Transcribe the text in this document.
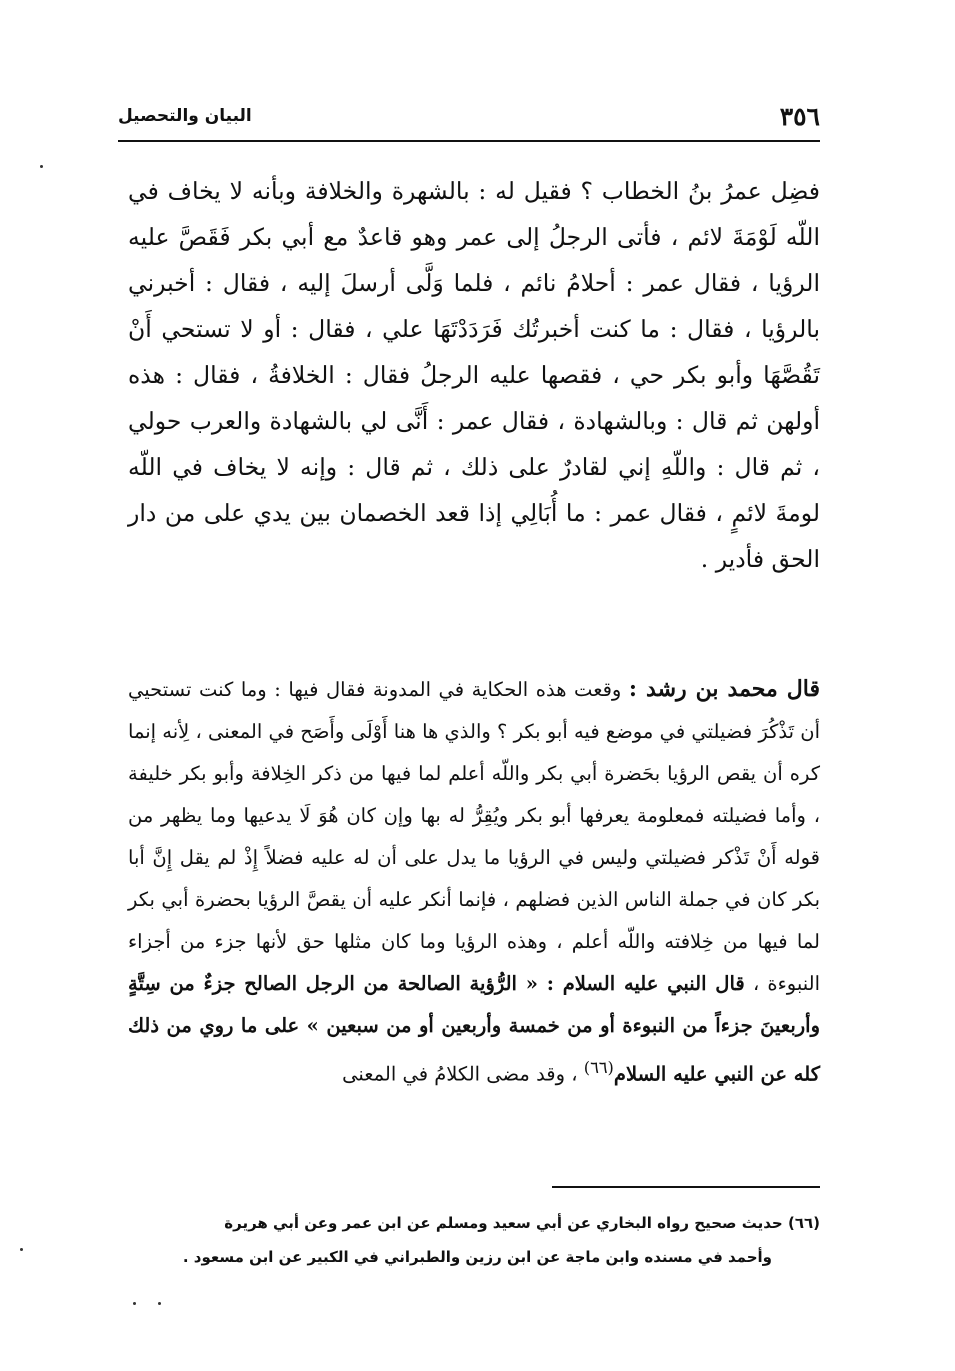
٣٥٦
البيان والتحصيل

فضِل عمرُ بنُ الخطاب ؟ فقيل له : بالشهرة والخلافة وبأنه لا يخاف في اللّه لَوْمَةَ لائم ، فأتى الرجلُ إلى عمر وهو قاعدٌ مع أبي بكر فَقَصَّ عليه الرؤيا ، فقال عمر : أحلامُ نائم ، فلما وَلَّى أرسلَ إليه ، فقال : أخبرني بالرؤيا ، فقال : ما كنت أخبرتُك فَرَدَدْتَهَا علي ، فقال : أو لا تستحي أَنْ تَقُصَّهَا وأبو بكر حي ، فقصها عليه الرجلُ فقال : الخلافةُ ، فقال : هذه أولهن ثم قال : وبالشهادة ، فقال عمر : أَنَّى لي بالشهادة والعرب حولي ، ثم قال : واللّهِ إني لقادرٌ على ذلك ، ثم قال : وإنه لا يخاف في اللّه لومةَ لائمٍ ، فقال عمر : ما أُبَالِي إذا قعد الخصمان بين يدي على من دار الحق فأدير .

قال محمد بن رشد : وقعت هذه الحكاية في المدونة فقال فيها : وما كنت تستحيي أن تَذْكُرَ فضيلتي في موضع فيه أبو بكر ؟ والذي ها هنا أَوْلَى وأَصَح في المعنى ، لِأنه إنما كره أن يقص الرؤيا بحَضرة أبي بكر واللّه أعلم لما فيها من ذكر الخِلافة وأبو بكر خليفة ، وأما فضيلته فمعلومة يعرفها أبو بكر ويُقِرُّ له بها وإن كان هُوَ لَا يدعيها وما يظهر من قوله أَنْ تَذْكر فضيلتي وليس في الرؤيا ما يدل على أن له عليه فضلاً إِذْ لم يقل إِنَّ أبا بكر كان في جملة الناس الذين فضلهم ، فإنما أنكر عليه أن يقصَّ الرؤيا بحضرة أبي بكر لما فيها من خِلافته واللّه أعلم ، وهذه الرؤيا وما كان مثلها حق لأنها جزء من أجزاء النبوءة ، قال النبي عليه السلام : « الرُّؤية الصالحة من الرجل الصالح جزءٌ من سِتَّةٍ وأربعينَ جزءاً من النبوءة أو من خمسة وأربعين أو من سبعين » على ما روي من ذلك كله عن النبي عليه السلام$^{(٦٦)}$ ، وقد مضى الكلامُ في المعنى

(٦٦) حديث صحيح رواه البخاري عن أبي سعيد ومسلم عن ابن عمر وعن أبي هريرة

وأحمد في مسنده وابن ماجة عن ابن رزين والطبراني في الكبير عن ابن مسعود .
